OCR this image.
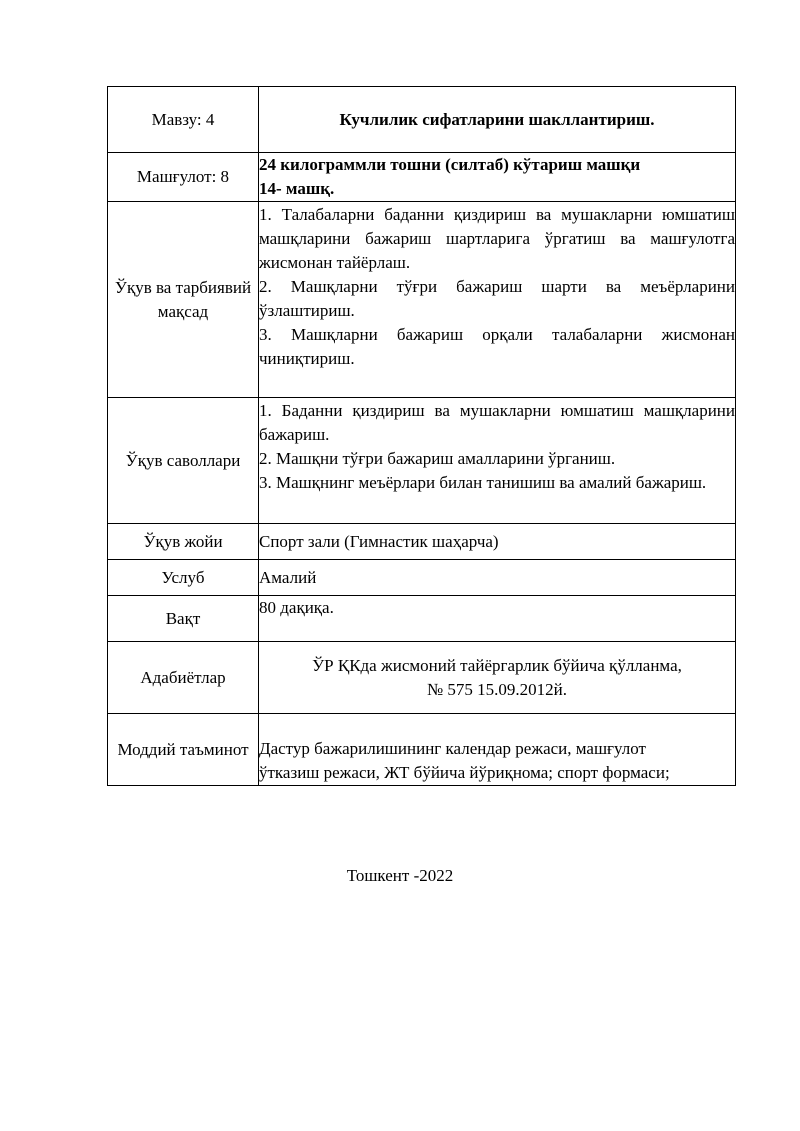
Мавзу: 4	Кучлилик сифатларини шакллантириш.
Машғулот: 8	24 килограммли тошни (силтаб) кўтариш машқи
14- машқ.

Ўқув ва тарбиявий мақсад	1. Талабаларни баданни қиздириш ва мушакларни юмшатиш машқларини бажариш шартларига ўргатиш ва машғулотга жисмонан тайёрлаш.
2. Машқларни тўғри бажариш шарти ва меъёрларини ўзлаштириш.
3. Машқларни бажариш орқали талабаларни жисмонан чиниқтириш.

Ўқув саволлари	1. Баданни қиздириш ва мушакларни юмшатиш машқларини бажариш.
2. Машқни тўғри бажариш амалларини ўрганиш.
3. Машқнинг меъёрлари билан танишиш ва амалий бажариш.

Ўқув жойи	Спорт зали (Гимнастик шаҳарча)
Услуб	Амалий
Вақт	80 дақиқа.
Адабиётлар	ЎР ҚКда жисмоний тайёргарлик бўйича қўлланма,
№ 575 15.09.2012й.

Моддий таъминот	Дастур бажарилишининг календар режаси, машғулот
ўтказиш режаси, ЖТ бўйича йўриқнома; спорт формаси;
Тошкент -2022
